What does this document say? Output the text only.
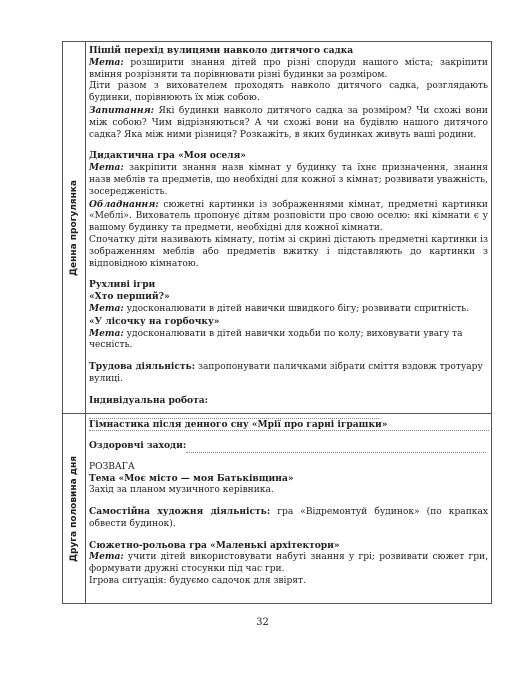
Денна прогулянка
Друга половина дня

Пішій перехід вулицями навколо дитячого садка

Мета: розширити знання дітей про різні споруди нашого міста; закріпити вміння розрізняти та порівнювати різні будинки за розміром.

Діти разом з вихователем проходять навколо дитячого садка, розглядають будинки, порівнюють їх між собою.

Запитання: Які будинки навколо дитячого садка за розміром? Чи схожі вони між собою? Чим відрізняються? А чи схожі вони на будівлю нашого дитячого садка? Яка між ними різниця? Розкажіть, в яких будинках живуть ваші родини.

Дидактична гра «Моя оселя»

Мета: закріпити знання назв кімнат у будинку та їхнє призначення, знання назв меблів та предметів, що необхідні для кожної з кімнат; розвивати уважність, зосередженість.

Обладнання: сюжетні картинки із зображеннями кімнат, предметні картинки «Меблі». Вихователь пропонує дітям розповісти про свою оселю: які кімнати є у вашому будинку та предмети, необхідні для кожної кімнати.

Спочатку діти називають кімнату, потім зі скрині дістають предметні картинки із зображенням меблів або предметів вжитку і підставляють до картинки з відповідною кімнатою.

Рухливі ігри

«Хто перший?»

Мета: удосконалювати в дітей навички швидкого бігу; розвивати спритність.

«У лісочку на горбочку»

Мета: удосконалювати в дітей навички ходьби по колу; виховувати увагу та чесність.

Трудова діяльність: запропонувати паличками зібрати сміття вздовж тротуару вулиці.

Індивідуальна робота:

Гімнастика після денного сну «Мрії про гарні іграшки»

Оздоровчі заходи:

РОЗВАГА

Тема «Моє місто — моя Батьківщина»

Захід за планом музичного керівника.

Самостійна художня діяльність: гра «Відремонтуй будинок» (по крапках обвести будинок).

Сюжетно-рольова гра «Маленькі архітектори»

Мета: учити дітей використовувати набуті знання у грі; розвивати сюжет гри, формувати дружні стосунки під час гри.

Ігрова ситуація: будуємо садочок для звірят.

32
